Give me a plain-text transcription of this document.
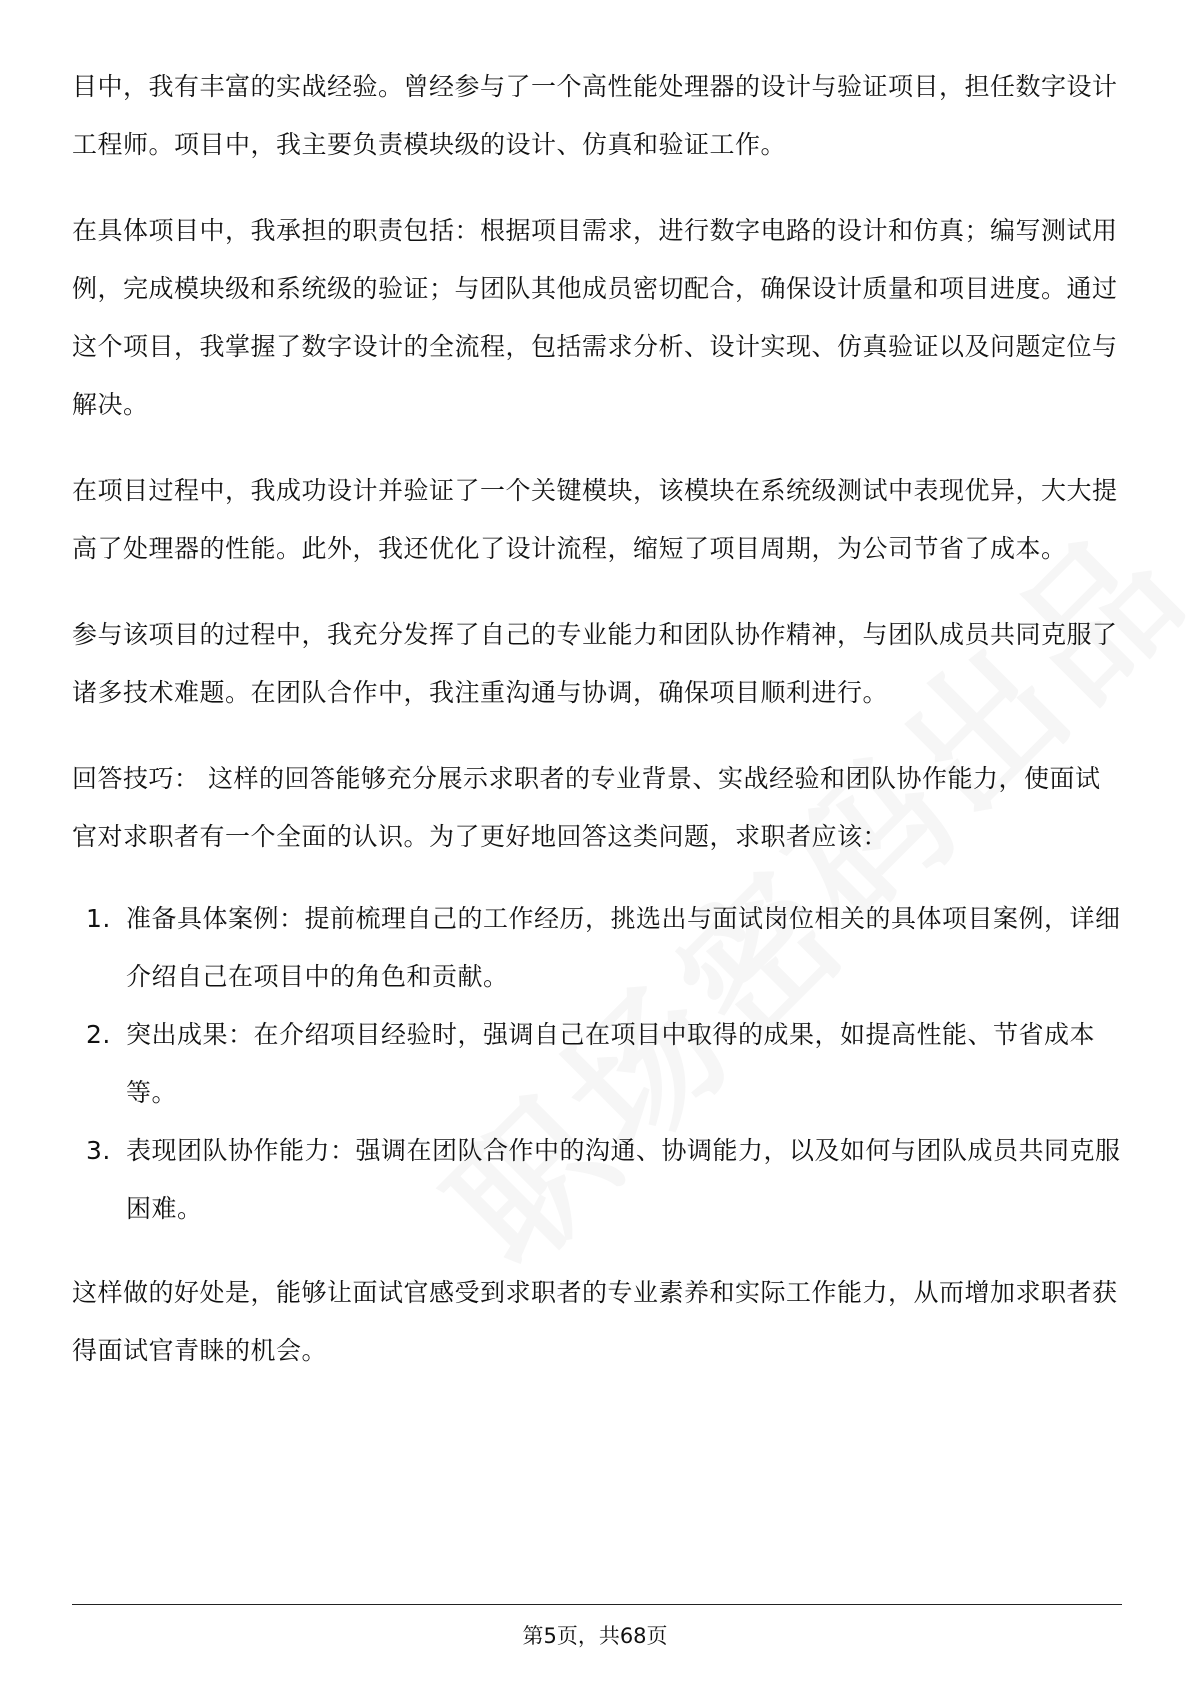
目中，我有丰富的实战经验。曾经参与了一个高性能处理器的设计与验证项目，担任数字设计工程师。项目中，我主要负责模块级的设计、仿真和验证工作。

在具体项目中，我承担的职责包括：根据项目需求，进行数字电路的设计和仿真；编写测试用例，完成模块级和系统级的验证；与团队其他成员密切配合，确保设计质量和项目进度。通过这个项目，我掌握了数字设计的全流程，包括需求分析、设计实现、仿真验证以及问题定位与解决。

在项目过程中，我成功设计并验证了一个关键模块，该模块在系统级测试中表现优异，大大提高了处理器的性能。此外，我还优化了设计流程，缩短了项目周期，为公司节省了成本。

参与该项目的过程中，我充分发挥了自己的专业能力和团队协作精神，与团队成员共同克服了诸多技术难题。在团队合作中，我注重沟通与协调，确保项目顺利进行。

回答技巧： 这样的回答能够充分展示求职者的专业背景、实战经验和团队协作能力，使面试官对求职者有一个全面的认识。为了更好地回答这类问题，求职者应该：

1. 准备具体案例：提前梳理自己的工作经历，挑选出与面试岗位相关的具体项目案例，详细介绍自己在项目中的角色和贡献。
2. 突出成果：在介绍项目经验时，强调自己在项目中取得的成果，如提高性能、节省成本等。
3. 表现团队协作能力：强调在团队合作中的沟通、协调能力，以及如何与团队成员共同克服困难。

这样做的好处是，能够让面试官感受到求职者的专业素养和实际工作能力，从而增加求职者获得面试官青睐的机会。

第5页，共68页
